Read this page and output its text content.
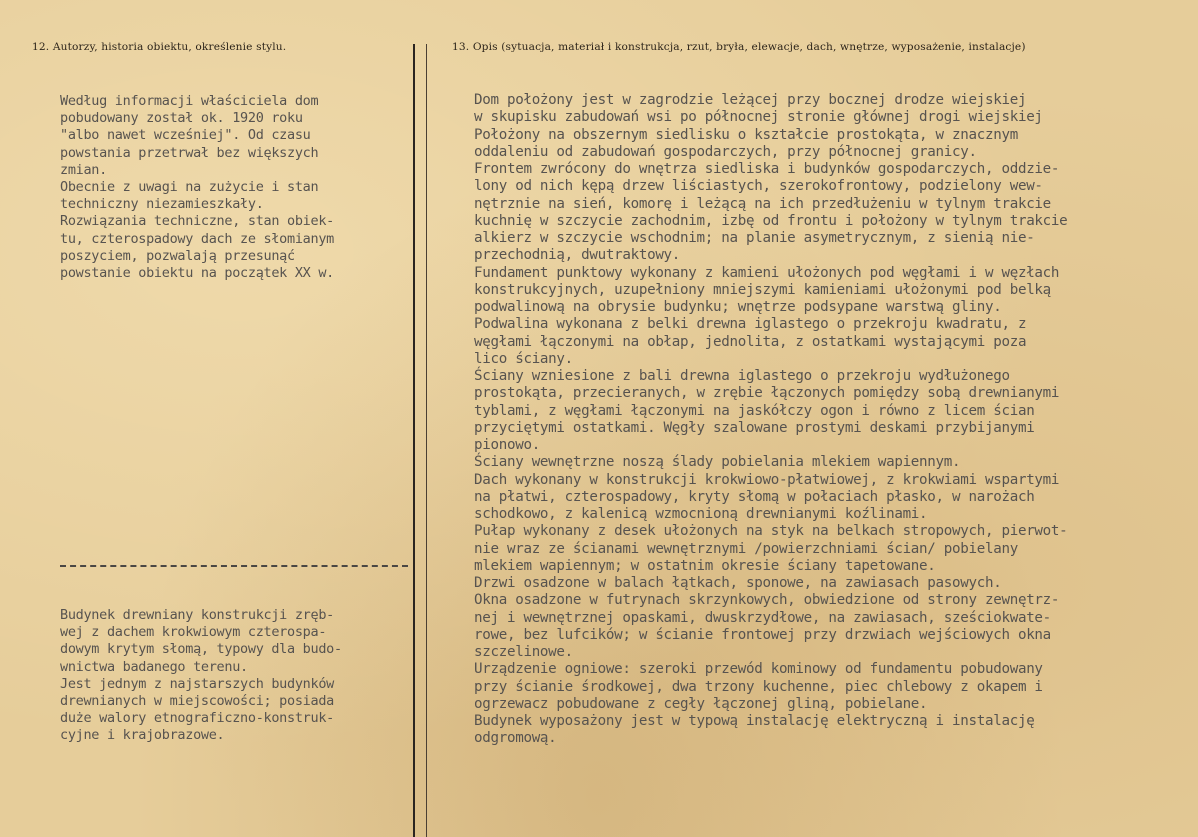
12. Autorzy, historia obiektu, określenie stylu.	13. Opis (sytuacja, materiał i konstrukcja, rzut, bryła, elewacje, dach, wnętrze, wyposażenie, instalacje)
Według informacji właściciela dom
pobudowany został ok. 1920 roku
"albo nawet wcześniej". Od czasu
powstania przetrwał bez większych
zmian.
Obecnie z uwagi na zużycie i stan
techniczny niezamieszkały.
Rozwiązania techniczne, stan obiek-
tu, czterospadowy dach ze słomianym
poszyciem, pozwalają przesunąć
powstanie obiektu na początek XX w.
Budynek drewniany konstrukcji zręb-
wej z dachem krokwiowym czterospa-
dowym krytym słomą, typowy dla budo-
wnictwa badanego terenu.
Jest jednym z najstarszych budynków
drewnianych w miejscowości; posiada
duże walory etnograficzno-konstruk-
cyjne i krajobrazowe.
Dom położony jest w zagrodzie leżącej przy bocznej drodze wiejskiej
w skupisku zabudowań wsi po północnej stronie głównej drogi wiejskiej
Położony na obszernym siedlisku o kształcie prostokąta, w znacznym
oddaleniu od zabudowań gospodarczych, przy północnej granicy.
Frontem zwrócony do wnętrza siedliska i budynków gospodarczych, oddzie-
lony od nich kępą drzew liściastych, szerokofrontowy, podzielony wew-
nętrznie na sień, komorę i leżącą na ich przedłużeniu w tylnym trakcie
kuchnię w szczycie zachodnim, izbę od frontu i położony w tylnym trakcie
alkierz w szczycie wschodnim; na planie asymetrycznym, z sienią nie-
przechodnią, dwutraktowy.
Fundament punktowy wykonany z kamieni ułożonych pod węgłami i w węzłach
konstrukcyjnych, uzupełniony mniejszymi kamieniami ułożonymi pod belką
podwalinową na obrysie budynku; wnętrze podsypane warstwą gliny.
Podwalina wykonana z belki drewna iglastego o przekroju kwadratu, z
węgłami łączonymi na obłap, jednolita, z ostatkami wystającymi poza
lico ściany.
Ściany wzniesione z bali drewna iglastego o przekroju wydłużonego
prostokąta, przecieranych, w zrębie łączonych pomiędzy sobą drewnianymi
tyblami, z węgłami łączonymi na jaskółczy ogon i równo z licem ścian
przyciętymi ostatkami. Węgły szalowane prostymi deskami przybijanymi
pionowo.
Ściany wewnętrzne noszą ślady pobielania mlekiem wapiennym.
Dach wykonany w konstrukcji krokwiowo-płatwiowej, z krokwiami wspartymi
na płatwi, czterospadowy, kryty słomą w połaciach płasko, w narożach
schodkowo, z kalenicą wzmocnioną drewnianymi koźlinami.
Pułap wykonany z desek ułożonych na styk na belkach stropowych, pierwot-
nie wraz ze ścianami wewnętrznymi /powierzchniami ścian/ pobielany
mlekiem wapiennym; w ostatnim okresie ściany tapetowane.
Drzwi osadzone w balach łątkach, sponowe, na zawiasach pasowych.
Okna osadzone w futrynach skrzynkowych, obwiedzione od strony zewnętrz-
nej i wewnętrznej opaskami, dwuskrzydłowe, na zawiasach, sześciokwate-
rowe, bez lufcików; w ścianie frontowej przy drzwiach wejściowych okna
szczelinowe.
Urządzenie ogniowe: szeroki przewód kominowy od fundamentu pobudowany
przy ścianie środkowej, dwa trzony kuchenne, piec chlebowy z okapem i
ogrzewacz pobudowane z cegły łączonej gliną, pobielane.
Budynek wyposażony jest w typową instalację elektryczną i instalację
odgromową.
